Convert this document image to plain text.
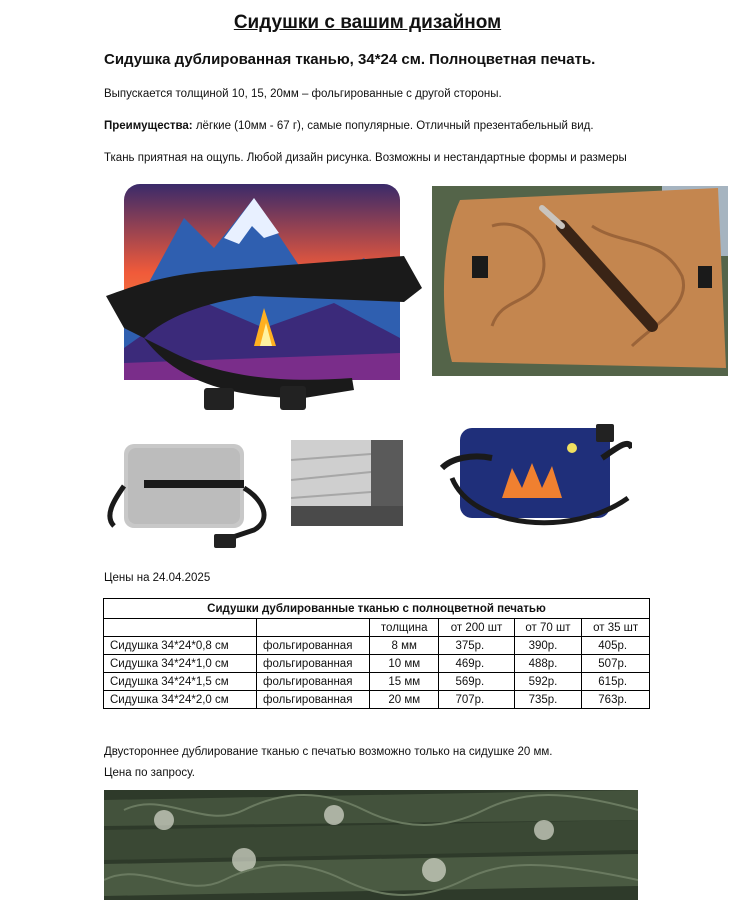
Сидушки с вашим дизайном
Сидушка дублированная тканью, 34*24 см. Полноцветная печать.
Выпускается толщиной 10, 15, 20мм – фольгированные с другой стороны.
Преимущества: лёгкие (10мм - 67 г), самые популярные. Отличный презентабельный вид.
Ткань приятная на ощупь. Любой дизайн рисунка. Возможны и нестандартные формы и размеры
Цены на 24.04.2025
Сидушки дублированные тканью с полноцветной печатью					
		толщина	от 200 шт	от 70 шт	от 35 шт
Сидушка 34*24*0,8 см	фольгированная	8 мм	375р.	390р.	405р.
Сидушка 34*24*1,0 см	фольгированная	10 мм	469р.	488р.	507р.
Сидушка 34*24*1,5 см	фольгированная	15 мм	569р.	592р.	615р.
Сидушка 34*24*2,0 см	фольгированная	20 мм	707р.	735р.	763р.
Двустороннее дублирование тканью с печатью возможно только на сидушке 20 мм.
Цена по запросу.
